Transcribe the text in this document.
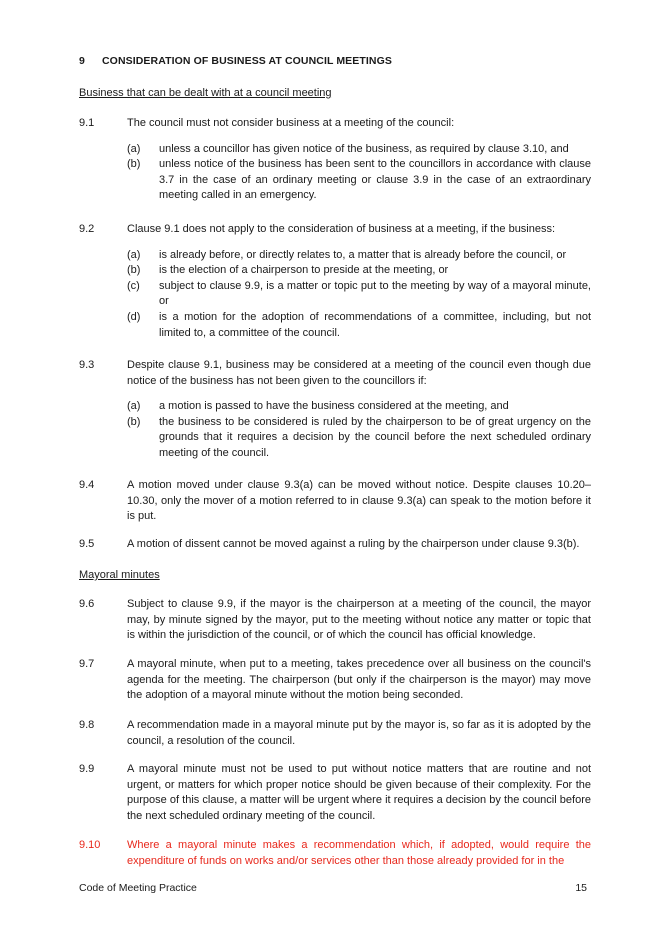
9 CONSIDERATION OF BUSINESS AT COUNCIL MEETINGS
Business that can be dealt with at a council meeting
9.1	The council must not consider business at a meeting of the council:
(a) unless a councillor has given notice of the business, as required by clause 3.10, and
(b) unless notice of the business has been sent to the councillors in accordance with clause 3.7 in the case of an ordinary meeting or clause 3.9 in the case of an extraordinary meeting called in an emergency.
9.2	Clause 9.1 does not apply to the consideration of business at a meeting, if the business:
(a) is already before, or directly relates to, a matter that is already before the council, or
(b) is the election of a chairperson to preside at the meeting, or
(c) subject to clause 9.9, is a matter or topic put to the meeting by way of a mayoral minute, or
(d) is a motion for the adoption of recommendations of a committee, including, but not limited to, a committee of the council.
9.3	Despite clause 9.1, business may be considered at a meeting of the council even though due notice of the business has not been given to the councillors if:
(a) a motion is passed to have the business considered at the meeting, and
(b) the business to be considered is ruled by the chairperson to be of great urgency on the grounds that it requires a decision by the council before the next scheduled ordinary meeting of the council.
9.4	A motion moved under clause 9.3(a) can be moved without notice. Despite clauses 10.20–10.30, only the mover of a motion referred to in clause 9.3(a) can speak to the motion before it is put.
9.5	A motion of dissent cannot be moved against a ruling by the chairperson under clause 9.3(b).
Mayoral minutes
9.6	Subject to clause 9.9, if the mayor is the chairperson at a meeting of the council, the mayor may, by minute signed by the mayor, put to the meeting without notice any matter or topic that is within the jurisdiction of the council, or of which the council has official knowledge.
9.7	A mayoral minute, when put to a meeting, takes precedence over all business on the council's agenda for the meeting. The chairperson (but only if the chairperson is the mayor) may move the adoption of a mayoral minute without the motion being seconded.
9.8	A recommendation made in a mayoral minute put by the mayor is, so far as it is adopted by the council, a resolution of the council.
9.9	A mayoral minute must not be used to put without notice matters that are routine and not urgent, or matters for which proper notice should be given because of their complexity. For the purpose of this clause, a matter will be urgent where it requires a decision by the council before the next scheduled ordinary meeting of the council.
9.10 Where a mayoral minute makes a recommendation which, if adopted, would require the expenditure of funds on works and/or services other than those already provided for in the
Code of Meeting Practice	15
